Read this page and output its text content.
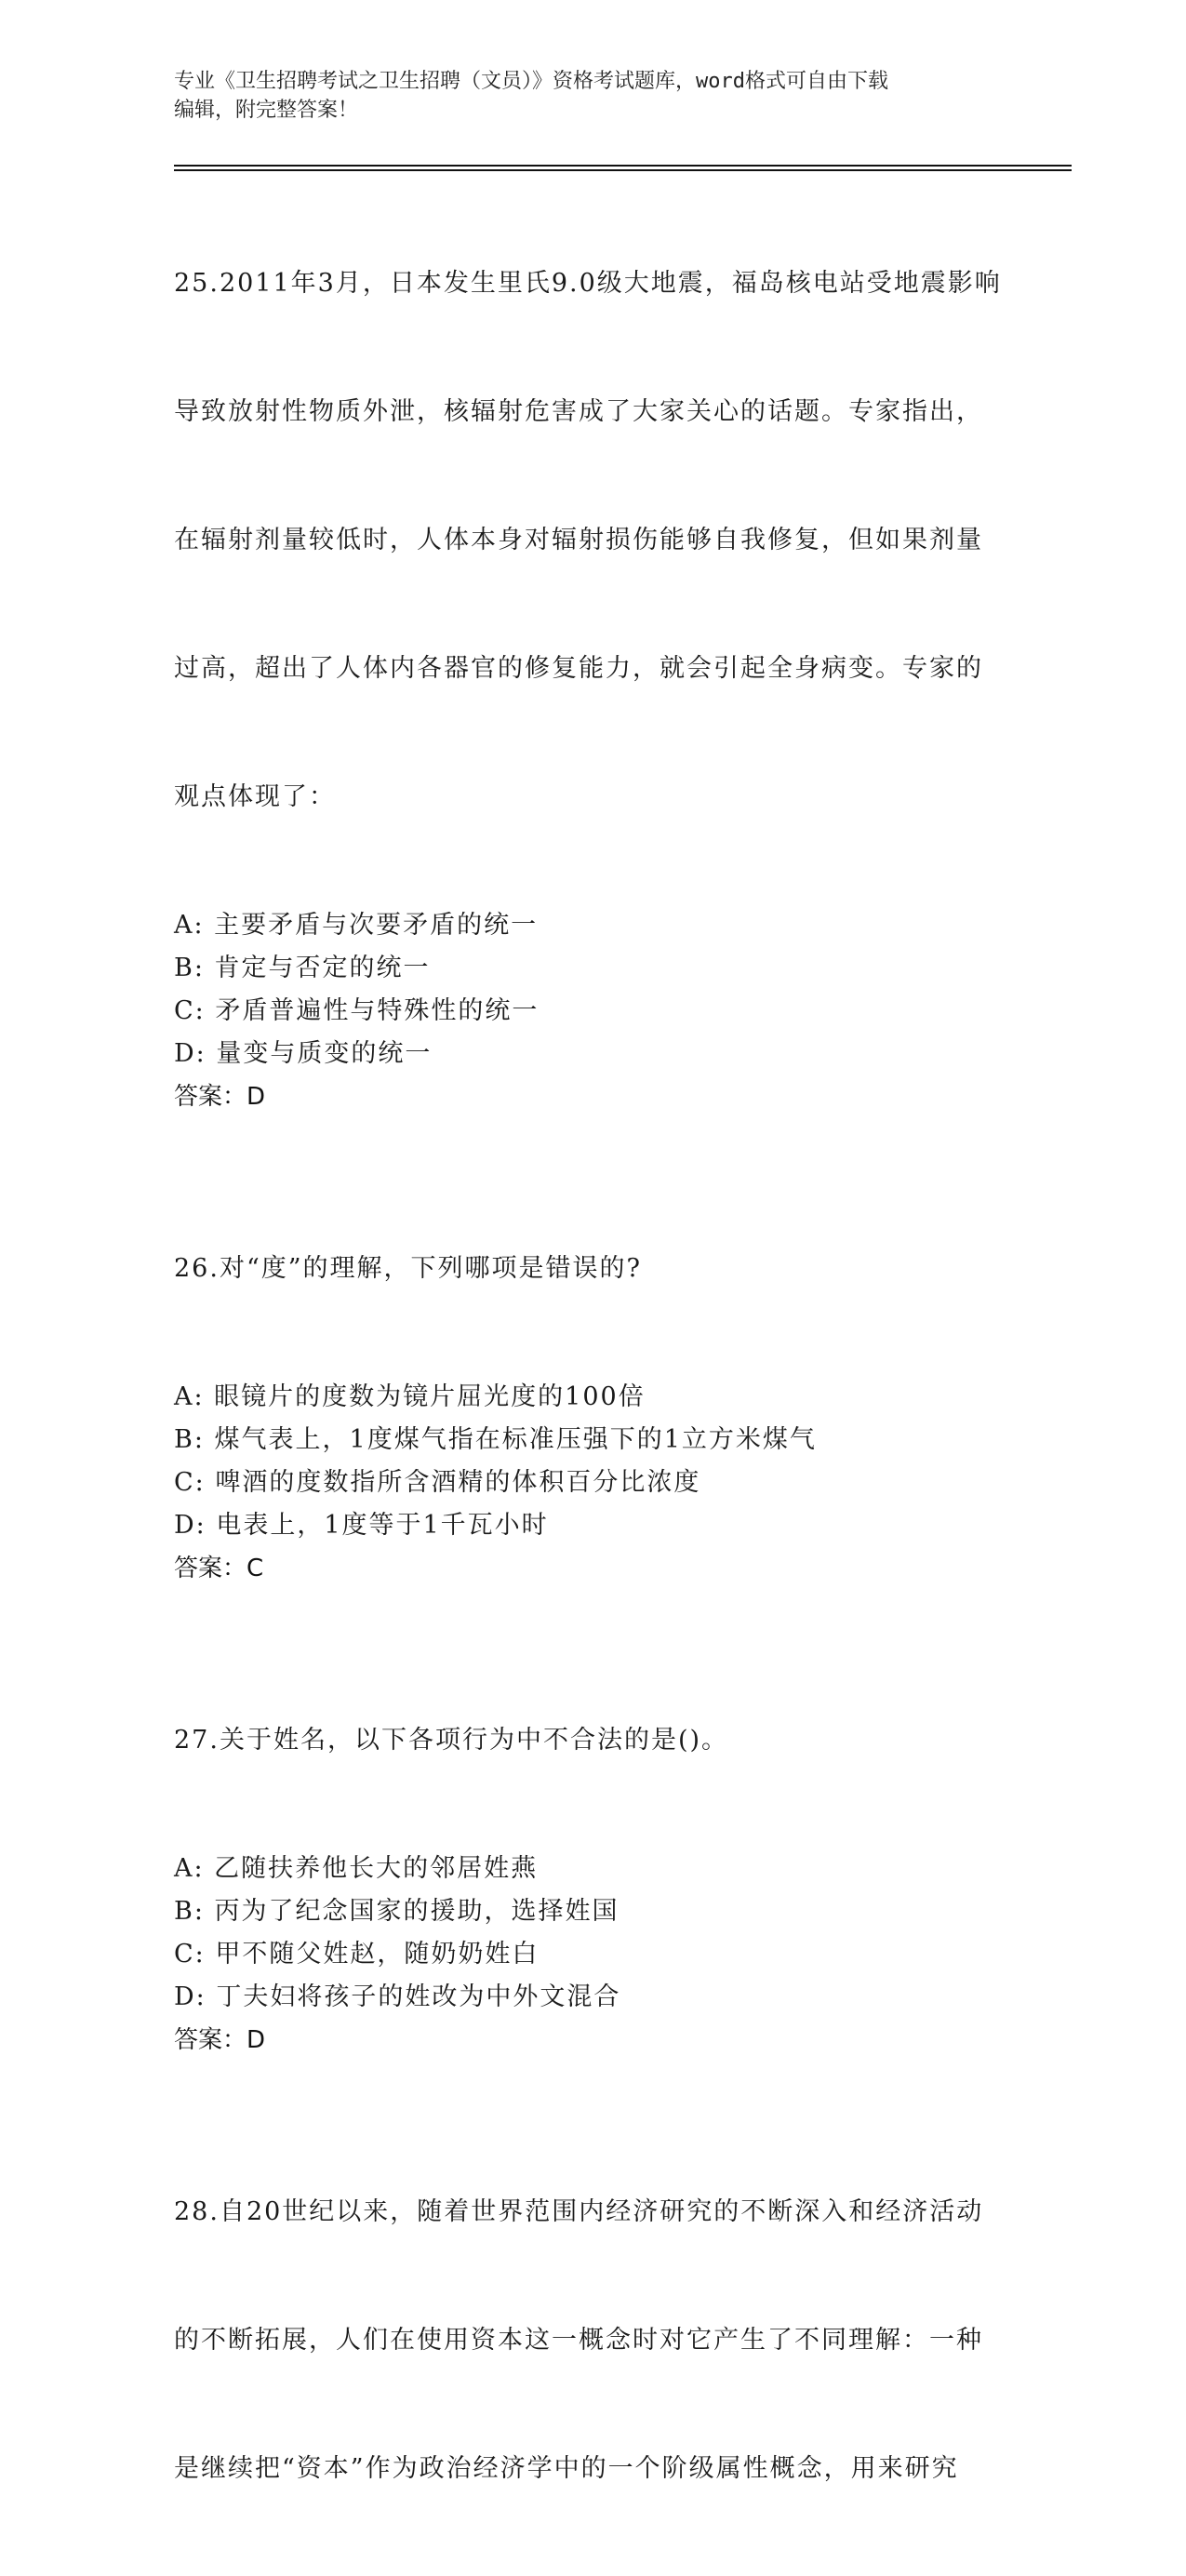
专业《卫生招聘考试之卫生招聘（文员）》资格考试题库，word格式可自由下载
编辑，附完整答案！

25.2011年3月，日本发生里氏9.0级大地震，福岛核电站受地震影响

导致放射性物质外泄，核辐射危害成了大家关心的话题。专家指出，

在辐射剂量较低时，人体本身对辐射损伤能够自我修复，但如果剂量

过高，超出了人体内各器官的修复能力，就会引起全身病变。专家的

观点体现了：

A: 主要矛盾与次要矛盾的统一
B: 肯定与否定的统一
C: 矛盾普遍性与特殊性的统一
D: 量变与质变的统一
答案：D

26.对“度”的理解，下列哪项是错误的?

A: 眼镜片的度数为镜片屈光度的100倍
B: 煤气表上，1度煤气指在标准压强下的1立方米煤气
C: 啤酒的度数指所含酒精的体积百分比浓度
D: 电表上，1度等于1千瓦小时
答案：C

27.关于姓名，以下各项行为中不合法的是()。

A: 乙随扶养他长大的邻居姓燕
B: 丙为了纪念国家的援助，选择姓国
C: 甲不随父姓赵，随奶奶姓白
D: 丁夫妇将孩子的姓改为中外文混合
答案：D

28.自20世纪以来，随着世界范围内经济研究的不断深入和经济活动

的不断拓展，人们在使用资本这一概念时对它产生了不同理解：一种

是继续把“资本”作为政治经济学中的一个阶级属性概念，用来研究
